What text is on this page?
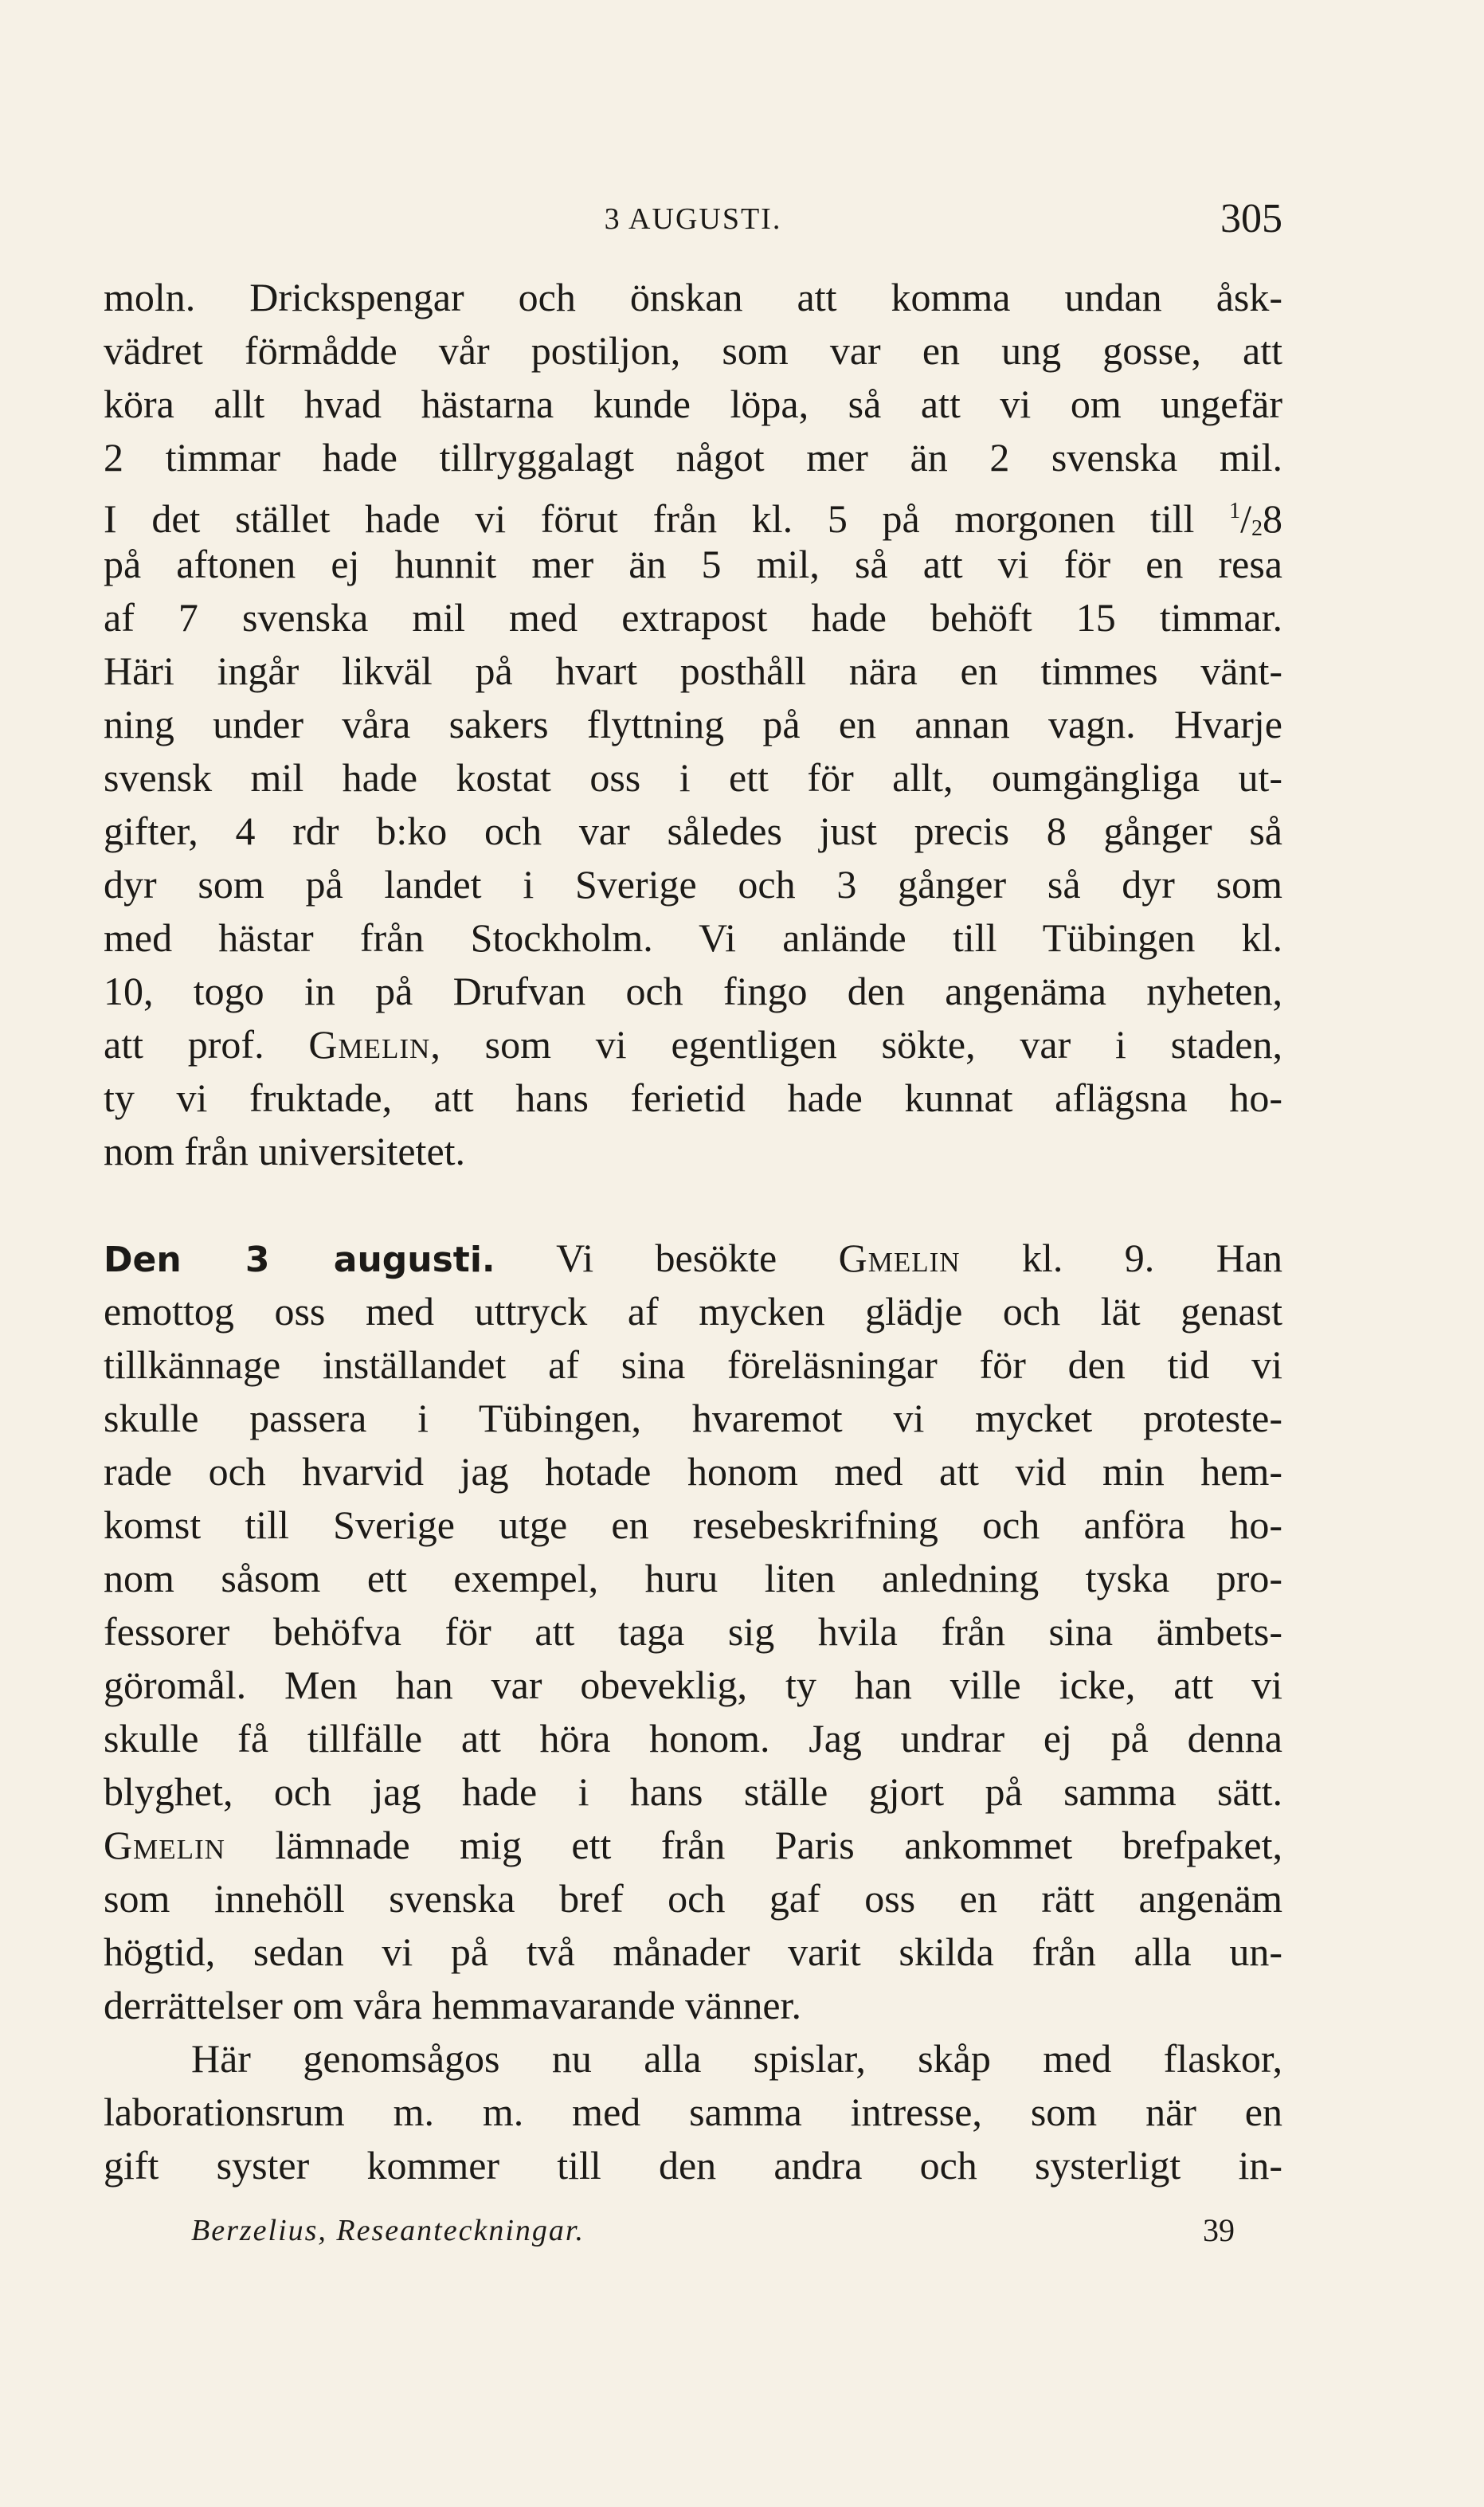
3 AUGUSTI.	305
moln. Drickspengar och önskan att komma undan åsk-
vädret förmådde vår postiljon, som var en ung gosse, att
köra allt hvad hästarna kunde löpa, så att vi om ungefär
2 timmar hade tillryggalagt något mer än 2 svenska mil.
I det stället hade vi förut från kl. 5 på morgonen till $^1$/28
på aftonen ej hunnit mer än 5 mil, så att vi för en resa
af 7 svenska mil med extrapost hade behöft 15 timmar.
Häri ingår likväl på hvart posthåll nära en timmes vänt-
ning under våra sakers flyttning på en annan vagn. Hvarje
svensk mil hade kostat oss i ett för allt, oumgängliga ut-
gifter, 4 rdr b:ko och var således just precis 8 gånger så
dyr som på landet i Sverige och 3 gånger så dyr som
med hästar från Stockholm. Vi anlände till Tübingen kl.
10, togo in på Drufvan och fingo den angenäma nyheten,
att prof. Gmelin, som vi egentligen sökte, var i staden,
ty vi fruktade, att hans ferietid hade kunnat aflägsna ho-
nom från universitetet.
Den 3 augusti. Vi besökte Gmelin kl. 9. Han
emottog oss med uttryck af mycken glädje och lät genast
tillkännage inställandet af sina föreläsningar för den tid vi
skulle passera i Tübingen, hvaremot vi mycket proteste-
rade och hvarvid jag hotade honom med att vid min hem-
komst till Sverige utge en resebeskrifning och anföra ho-
nom såsom ett exempel, huru liten anledning tyska pro-
fessorer behöfva för att taga sig hvila från sina ämbets-
göromål. Men han var obeveklig, ty han ville icke, att vi
skulle få tillfälle att höra honom. Jag undrar ej på denna
blyghet, och jag hade i hans ställe gjort på samma sätt.
Gmelin lämnade mig ett från Paris ankommet brefpaket,
som innehöll svenska bref och gaf oss en rätt angenäm
högtid, sedan vi på två månader varit skilda från alla un-
derrättelser om våra hemmavarande vänner.
Här genomsågos nu alla spislar, skåp med flaskor,
laborationsrum m. m. med samma intresse, som när en
gift syster kommer till den andra och systerligt in-
Berzelius, Reseanteckningar.	39
